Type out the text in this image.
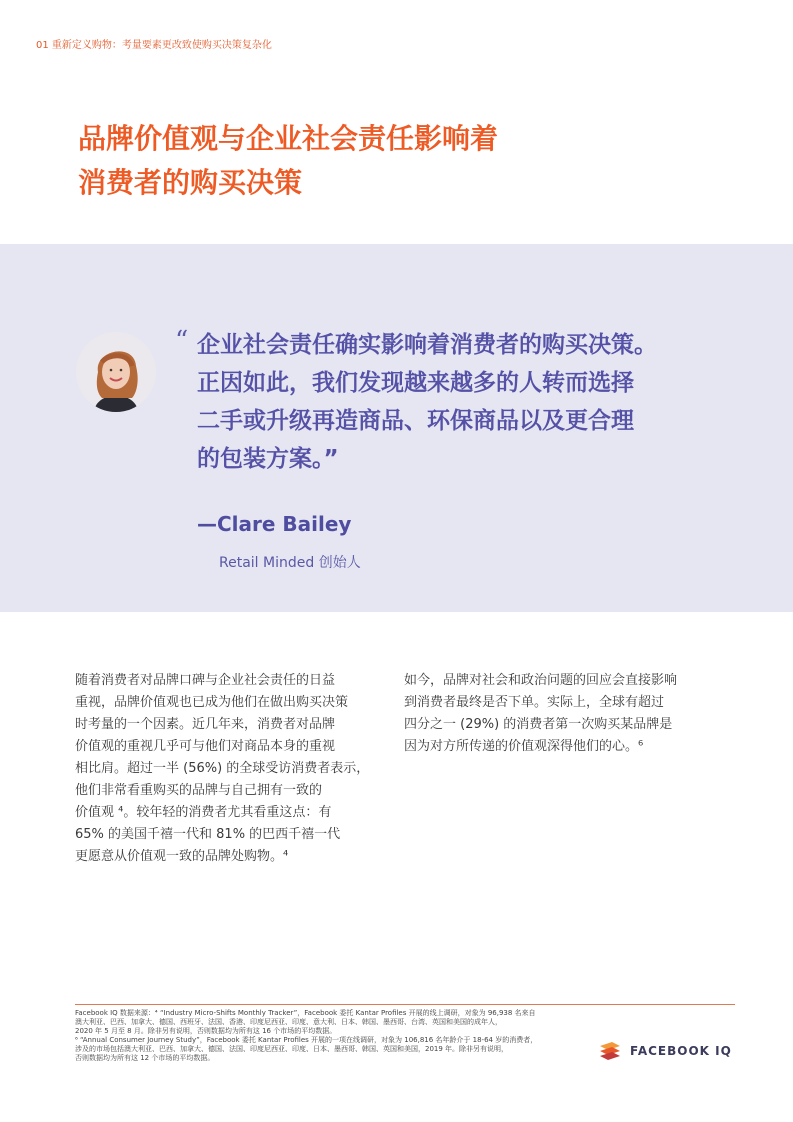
01 重新定义购物：考量要素更改致使购买决策复杂化
品牌价值观与企业社会责任影响着
消费者的购买决策
“ 企业社会责任确实影响着消费者的购买决策。
正因如此，我们发现越来越多的人转而选择
二手或升级再造商品、环保商品以及更合理
的包装方案。”
—Clare Bailey
Retail Minded 创始人

随着消费者对品牌口碑与企业社会责任的日益

重视，品牌价值观也已成为他们在做出购买决策

时考量的一个因素。近几年来，消费者对品牌

价值观的重视几乎可与他们对商品本身的重视

相比肩。超过一半 (56%) 的全球受访消费者表示，

他们非常看重购买的品牌与自己拥有一致的

价值观 ⁴。较年轻的消费者尤其看重这点：有

65% 的美国千禧一代和 81% 的巴西千禧一代

更愿意从价值观一致的品牌处购物。⁴

如今，品牌对社会和政治问题的回应会直接影响

到消费者最终是否下单。实际上，全球有超过

四分之一 (29%) 的消费者第一次购买某品牌是

因为对方所传递的价值观深得他们的心。⁶

Facebook IQ 数据来源：⁴ “Industry Micro-Shifts Monthly Tracker”，Facebook 委托 Kantar Profiles 开展的线上调研，对象为 96,938 名来自

澳大利亚、巴西、加拿大、德国、西班牙、法国、香港、印度尼西亚、印度、意大利、日本、韩国、墨西哥、台湾、英国和美国的成年人，

2020 年 5 月至 8 月。除非另有说明，否则数据均为所有这 16 个市场的平均数据。

⁶ “Annual Consumer Journey Study”，Facebook 委托 Kantar Profiles 开展的一项在线调研，对象为 106,816 名年龄介于 18-64 岁的消费者，

涉及的市场包括澳大利亚、巴西、加拿大、德国、法国、印度尼西亚、印度、日本、墨西哥、韩国、英国和美国，2019 年。除非另有说明，

否则数据均为所有这 12 个市场的平均数据。	FACEBOOK IQ
